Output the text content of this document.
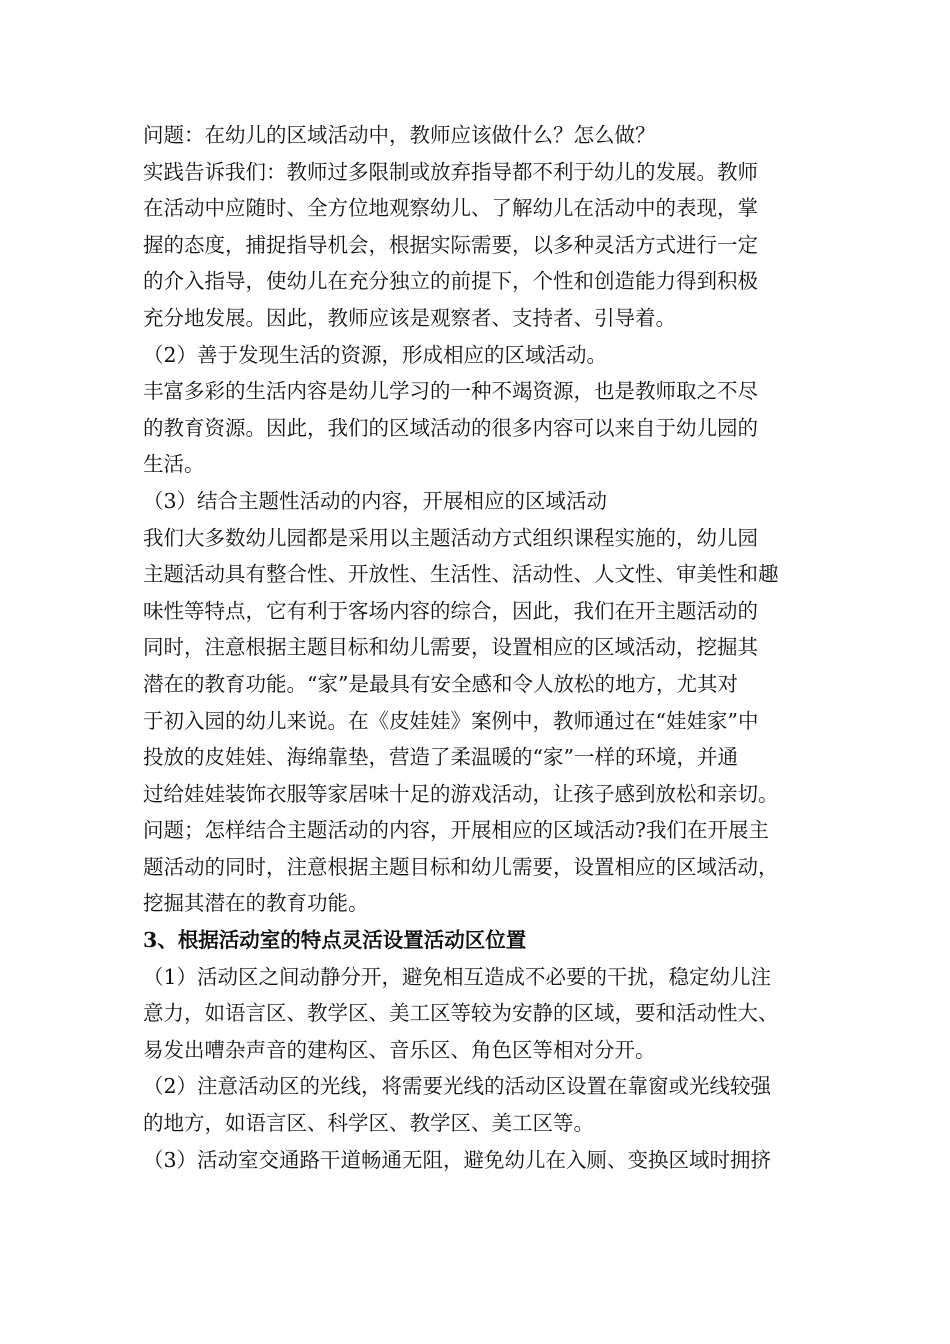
问题：在幼儿的区域活动中，教师应该做什么？怎么做？
实践告诉我们：教师过多限制或放弃指导都不利于幼儿的发展。教师
在活动中应随时、全方位地观察幼儿、了解幼儿在活动中的表现，掌
握的态度，捕捉指导机会，根据实际需要，以多种灵活方式进行一定
的介入指导，使幼儿在充分独立的前提下，个性和创造能力得到积极
充分地发展。因此，教师应该是观察者、支持者、引导着。
（2）善于发现生活的资源，形成相应的区域活动。
丰富多彩的生活内容是幼儿学习的一种不竭资源，也是教师取之不尽
的教育资源。因此，我们的区域活动的很多内容可以来自于幼儿园的
生活。
（3）结合主题性活动的内容，开展相应的区域活动
我们大多数幼儿园都是采用以主题活动方式组织课程实施的，幼儿园
主题活动具有整合性、开放性、生活性、活动性、人文性、审美性和趣
味性等特点，它有利于客场内容的综合，因此，我们在开主题活动的
同时，注意根据主题目标和幼儿需要，设置相应的区域活动，挖掘其
潜在的教育功能。“家”是最具有安全感和令人放松的地方，尤其对
于初入园的幼儿来说。在《皮娃娃》案例中，教师通过在“娃娃家”中
投放的皮娃娃、海绵靠垫，营造了柔温暖的“家”一样的环境，并通
过给娃娃装饰衣服等家居味十足的游戏活动，让孩子感到放松和亲切。
问题；怎样结合主题活动的内容，开展相应的区域活动?我们在开展主
题活动的同时，注意根据主题目标和幼儿需要，设置相应的区域活动，
挖掘其潜在的教育功能。
3、根据活动室的特点灵活设置活动区位置
（1）活动区之间动静分开，避免相互造成不必要的干扰，稳定幼儿注
意力，如语言区、教学区、美工区等较为安静的区域，要和活动性大、
易发出嘈杂声音的建构区、音乐区、角色区等相对分开。
（2）注意活动区的光线，将需要光线的活动区设置在靠窗或光线较强
的地方，如语言区、科学区、教学区、美工区等。
（3）活动室交通路干道畅通无阻，避免幼儿在入厕、变换区域时拥挤
